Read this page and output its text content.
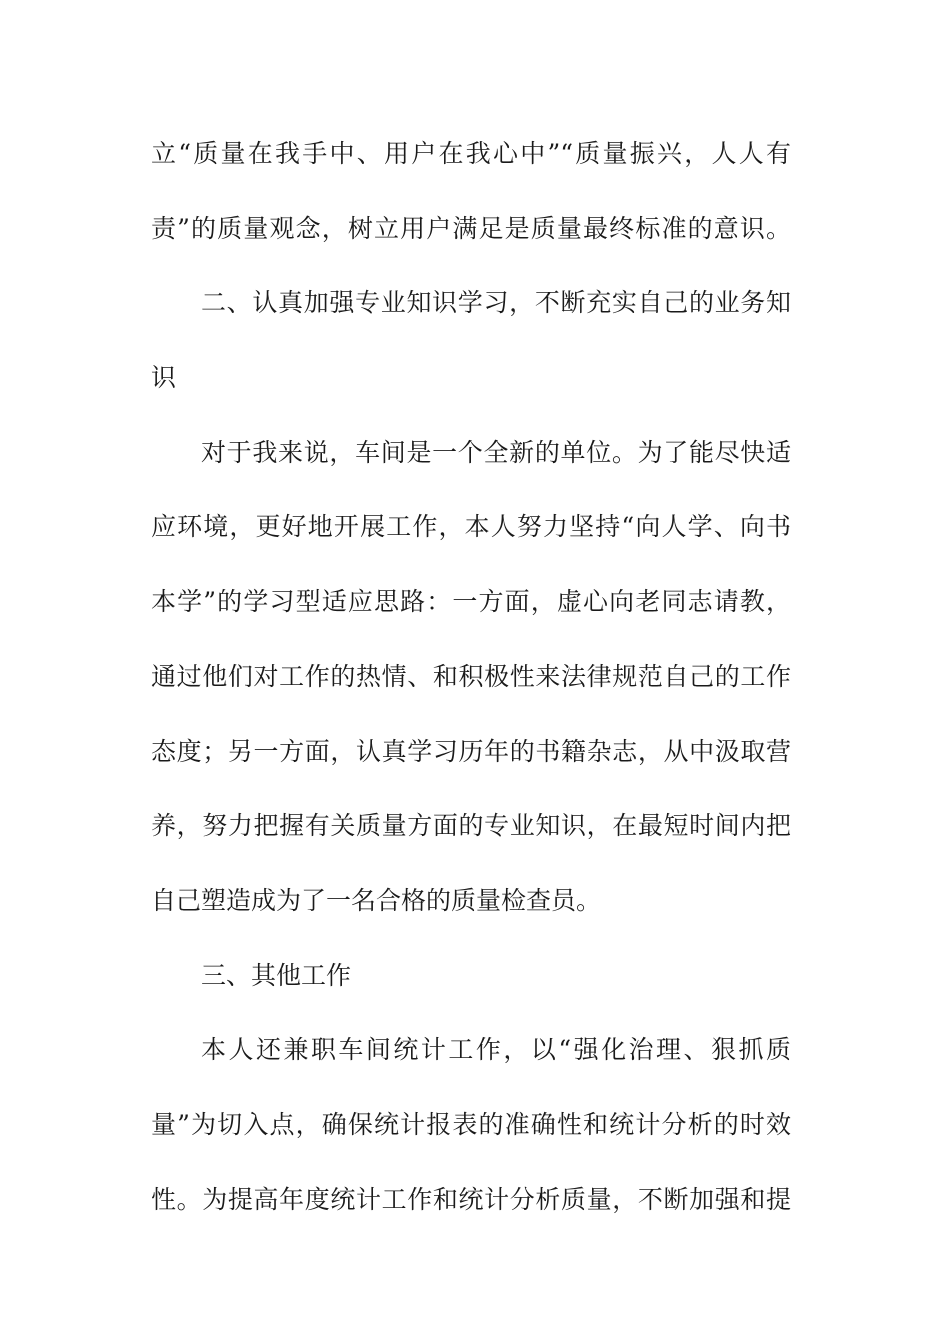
立“质量在我手中、用户在我心中”“质量振兴，人人有
责”的质量观念，树立用户满足是质量最终标准的意识。
二、认真加强专业知识学习，不断充实自己的业务知
识
对于我来说，车间是一个全新的单位。为了能尽快适
应环境，更好地开展工作，本人努力坚持“向人学、向书
本学”的学习型适应思路：一方面，虚心向老同志请教，
通过他们对工作的热情、和积极性来法律规范自己的工作
态度；另一方面，认真学习历年的书籍杂志，从中汲取营
养，努力把握有关质量方面的专业知识，在最短时间内把
自己塑造成为了一名合格的质量检查员。
三、其他工作
本人还兼职车间统计工作，以“强化治理、狠抓质
量”为切入点，确保统计报表的准确性和统计分析的时效
性。为提高年度统计工作和统计分析质量，不断加强和提
